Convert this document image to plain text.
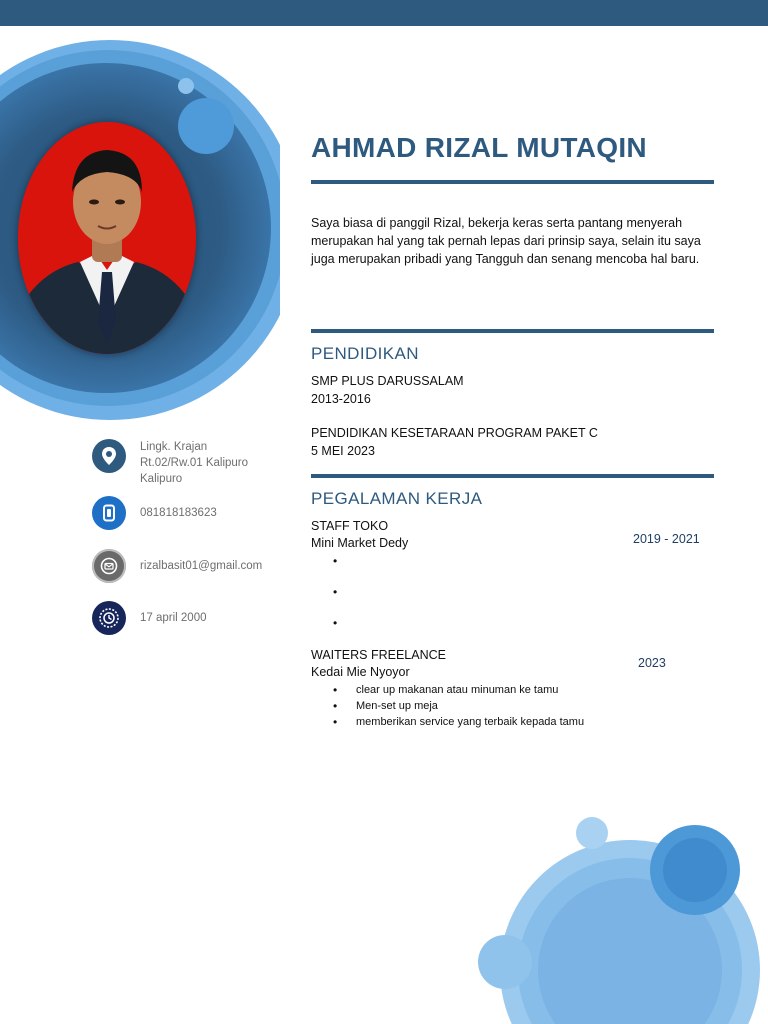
Lingk. Krajan
Rt.02/Rw.01 Kalipuro
Kalipuro
081818183623
rizalbasit01@gmail.com
17 april 2000
AHMAD RIZAL MUTAQIN
Saya biasa di panggil Rizal, bekerja keras serta pantang menyerah merupakan hal yang tak pernah lepas dari prinsip saya, selain itu saya juga merupakan pribadi yang Tangguh dan senang mencoba hal baru.
PENDIDIKAN
SMP PLUS DARUSSALAM
2013-2016
PENDIDIKAN KESETARAAN PROGRAM PAKET C
5 MEI 2023
PEGALAMAN KERJA
STAFF TOKO
Mini Market Dedy	2019 - 2021
•
•
•
WAITERS FREELANCE
Kedai Mie Nyoyor
2023
• clear up makanan atau minuman ke tamu
• Men-set up meja
• memberikan service yang terbaik kepada tamu
